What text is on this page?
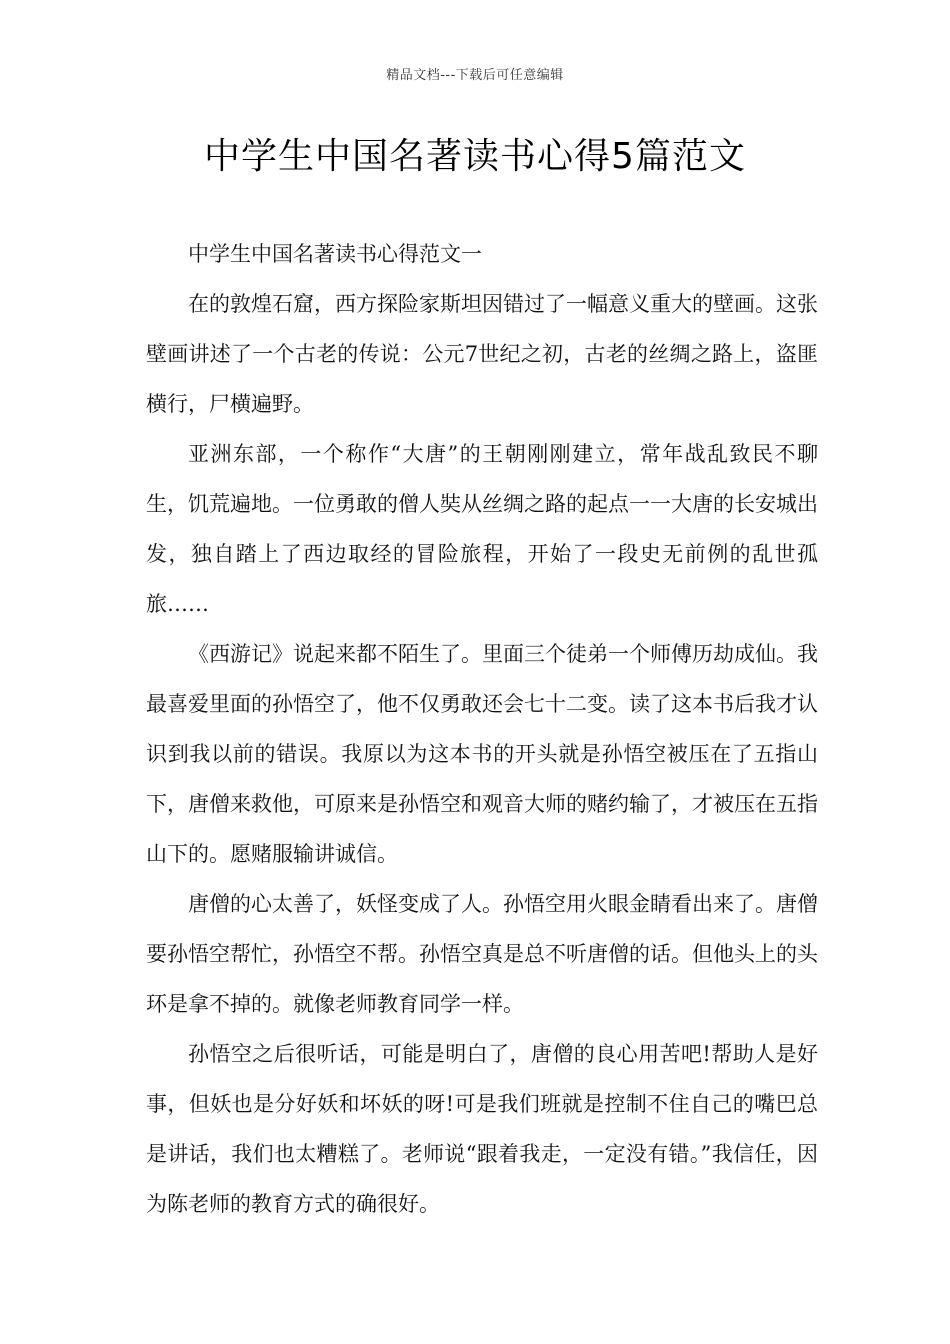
精品文档---下载后可任意编辑
中学生中国名著读书心得5篇范文

中学生中国名著读书心得范文一

在的敦煌石窟，西方探险家斯坦因错过了一幅意义重大的壁画。这张壁画讲述了一个古老的传说：公元7世纪之初，古老的丝绸之路上，盗匪横行，尸横遍野。

亚洲东部，一个称作“大唐”的王朝刚刚建立，常年战乱致民不聊生，饥荒遍地。一位勇敢的僧人奘从丝绸之路的起点一一大唐的长安城出发，独自踏上了西边取经的冒险旅程，开始了一段史无前例的乱世孤旅……

《西游记》说起来都不陌生了。里面三个徒弟一个师傅历劫成仙。我最喜爱里面的孙悟空了，他不仅勇敢还会七十二变。读了这本书后我才认识到我以前的错误。我原以为这本书的开头就是孙悟空被压在了五指山下，唐僧来救他，可原来是孙悟空和观音大师的赌约输了，才被压在五指山下的。愿赌服输讲诚信。

唐僧的心太善了，妖怪变成了人。孙悟空用火眼金睛看出来了。唐僧要孙悟空帮忙，孙悟空不帮。孙悟空真是总不听唐僧的话。但他头上的头环是拿不掉的。就像老师教育同学一样。

孙悟空之后很听话，可能是明白了，唐僧的良心用苦吧!帮助人是好事，但妖也是分好妖和坏妖的呀!可是我们班就是控制不住自己的嘴巴总是讲话，我们也太糟糕了。老师说“跟着我走，一定没有错。”我信任，因为陈老师的教育方式的确很好。
